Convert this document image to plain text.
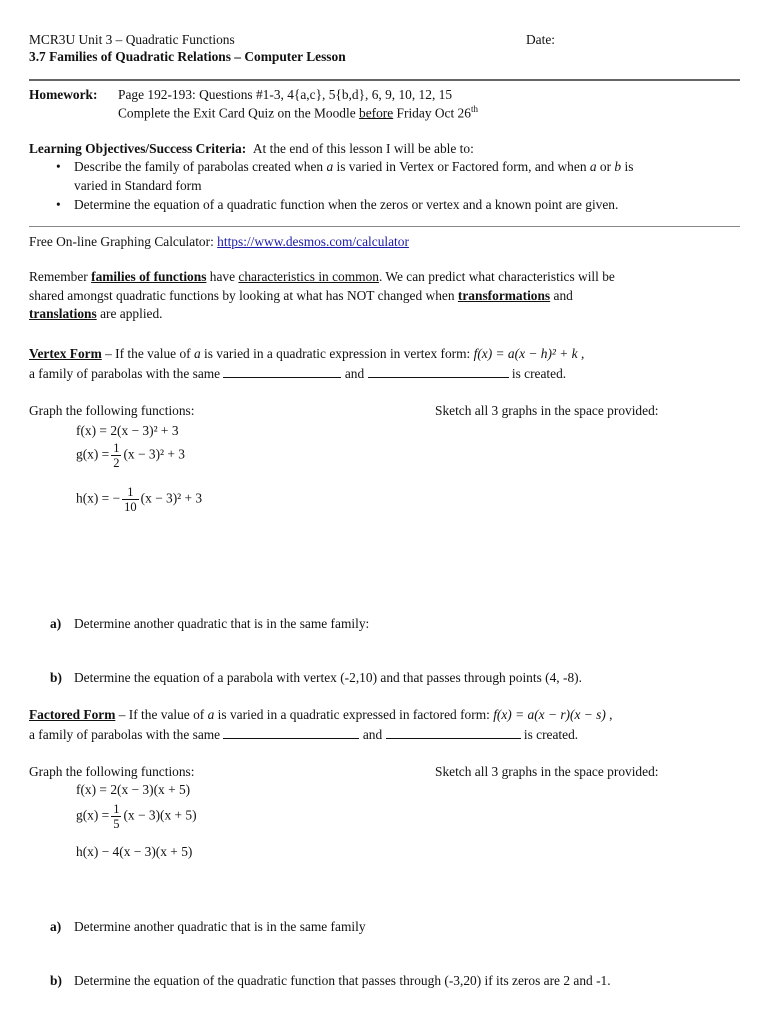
MCR3U Unit 3 – Quadratic Functions	Date:
3.7 Families of Quadratic Relations – Computer Lesson
Homework: Page 192-193: Questions #1-3, 4{a,c}, 5{b,d}, 6, 9, 10, 12, 15
Complete the Exit Card Quiz on the Moodle before Friday Oct 26th
Learning Objectives/Success Criteria: At the end of this lesson I will be able to:
• Describe the family of parabolas created when a is varied in Vertex or Factored form, and when a or b is
varied in Standard form
• Determine the equation of a quadratic function when the zeros or vertex and a known point are given.
Free On-line Graphing Calculator: https://www.desmos.com/calculator
Remember families of functions have characteristics in common. We can predict what characteristics will be
shared amongst quadratic functions by looking at what has NOT changed when transformations and
translations are applied.
Vertex Form – If the value of a is varied in a quadratic expression in vertex form: f(x) = a(x − h)² + k ,
a family of parabolas with the same	and	is created.
Graph the following functions:	Sketch all 3 graphs in the space provided:
f(x) = 2(x − 3)² + 3
$g(x) = \frac{1}{2} (x - 3)^2 + 3$
h(x) = − $\frac{1}{10} (x - 3)^2 + 3$
a) Determine another quadratic that is in the same family:
b) Determine the equation of a parabola with vertex (-2,10) and that passes through points (4, -8).
Factored Form – If the value of a is varied in a quadratic expressed in factored form: f(x) = a(x − r)(x − s) ,
a family of parabolas with the same	and	is created.
Graph the following functions:	Sketch all 3 graphs in the space provided:
f(x) = 2(x − 3)(x + 5)
$g(x) = \frac{1}{5} (x - 3)(x + 5)$
h(x) − 4(x − 3)(x + 5)
a) Determine another quadratic that is in the same family
b) Determine the equation of the quadratic function that passes through (-3,20) if its zeros are 2 and -1.
